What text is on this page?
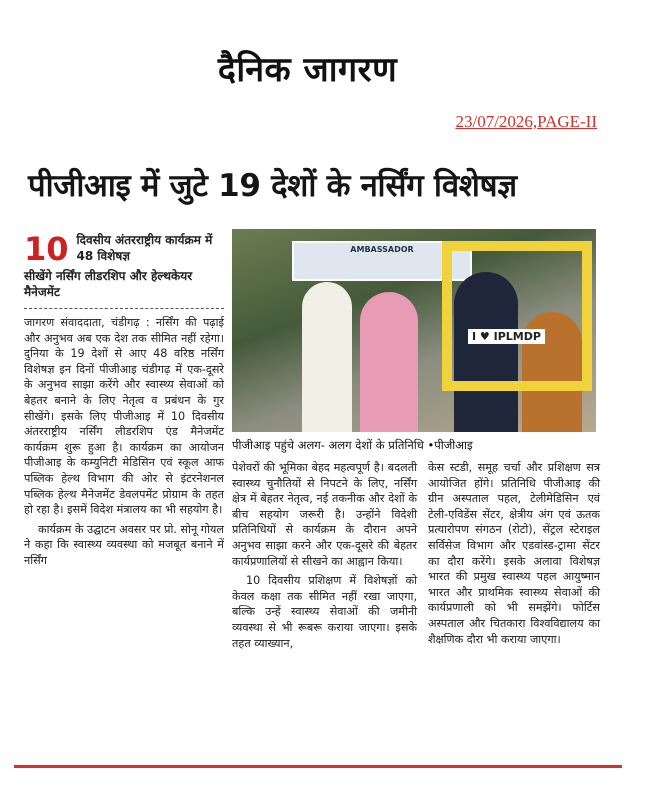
दैनिक जागरण
23/07/2026,PAGE-II
पीजीआइ में जुटे 19 देशों के नर्सिंग विशेषज्ञ
10 दिवसीय अंतरराष्ट्रीय कार्यक्रम में 48 विशेषज्ञ
सीखेंगे नर्सिंग लीडरशिप और हेल्थकेयर मैनेजमेंट

जागरण संवाददाता, चंडीगढ़ : नर्सिंग की पढ़ाई और अनुभव अब एक देश तक सीमित नहीं रहेगा। दुनिया के 19 देशों से आए 48 वरिष्ठ नर्सिंग विशेषज्ञ इन दिनों पीजीआइ चंडीगढ़ में एक-दूसरे के अनुभव साझा करेंगे और स्वास्थ्य सेवाओं को बेहतर बनाने के लिए नेतृत्व व प्रबंधन के गुर सीखेंगे। इसके लिए पीजीआइ में 10 दिवसीय अंतरराष्ट्रीय नर्सिंग लीडरशिप एंड मैनेजमेंट कार्यक्रम शुरू हुआ है। कार्यक्रम का आयोजन पीजीआइ के कम्युनिटी मेडिसिन एवं स्कूल आफ पब्लिक हेल्थ विभाग की ओर से इंटरनेशनल पब्लिक हेल्थ मैनेजमेंट डेवलपमेंट प्रोग्राम के तहत हो रहा है। इसमें विदेश मंत्रालय का भी सहयोग है।

कार्यक्रम के उद्घाटन अवसर पर प्रो. सोनू गोयल ने कहा कि स्वास्थ्य व्यवस्था को मजबूत बनाने में नर्सिंग

AMBASSADOR
I ♥ IPLMDP
पीजीआइ पहुंचे अलग- अलग देशों के प्रतिनिधि •पीजीआइ

पेशेवरों की भूमिका बेहद महत्वपूर्ण है। बदलती स्वास्थ्य चुनौतियों से निपटने के लिए, नर्सिंग क्षेत्र में बेहतर नेतृत्व, नई तकनीक और देशों के बीच सहयोग जरूरी है। उन्होंने विदेशी प्रतिनिधियों से कार्यक्रम के दौरान अपने अनुभव साझा करने और एक-दूसरे की बेहतर कार्यप्रणालियों से सीखने का आह्वान किया।

10 दिवसीय प्रशिक्षण में विशेषज्ञों को केवल कक्षा तक सीमित नहीं रखा जाएगा, बल्कि उन्हें स्वास्थ्य सेवाओं की जमीनी व्यवस्था से भी रूबरू कराया जाएगा। इसके तहत व्याख्यान,

केस स्टडी, समूह चर्चा और प्रशिक्षण सत्र आयोजित होंगे। प्रतिनिधि पीजीआइ की ग्रीन अस्पताल पहल, टेलीमेडिसिन एवं टेली-एविडेंस सेंटर, क्षेत्रीय अंग एवं ऊतक प्रत्यारोपण संगठन (रोटो), सेंट्रल स्टेराइल सर्विसेज विभाग और एडवांस्ड-ट्रामा सेंटर का दौरा करेंगे। इसके अलावा विशेषज्ञ भारत की प्रमुख स्वास्थ्य पहल आयुष्मान भारत और प्राथमिक स्वास्थ्य सेवाओं की कार्यप्रणाली को भी समझेंगे। फोर्टिस अस्पताल और चितकारा विश्वविद्यालय का शैक्षणिक दौरा भी कराया जाएगा।
